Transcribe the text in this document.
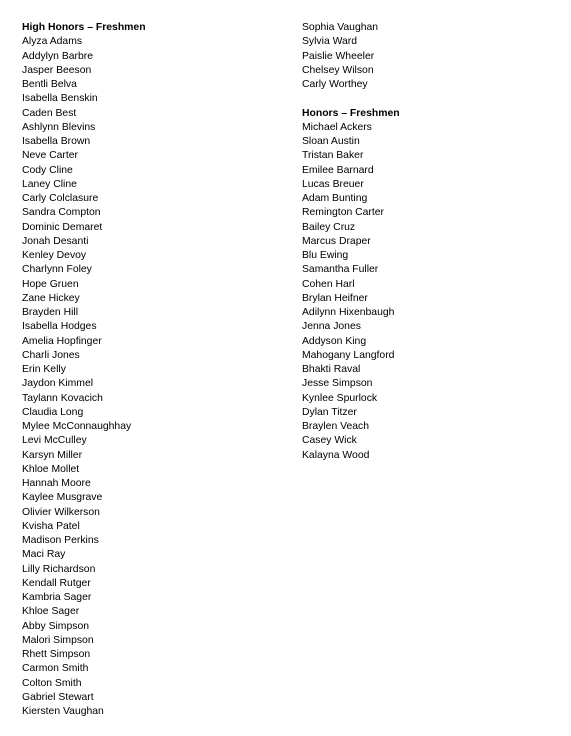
High Honors – Freshmen
Alyza Adams
Addylyn Barbre
Jasper Beeson
Bentli Belva
Isabella Benskin
Caden Best
Ashlynn Blevins
Isabella Brown
Neve Carter
Cody Cline
Laney Cline
Carly Colclasure
Sandra Compton
Dominic Demaret
Jonah Desanti
Kenley Devoy
Charlynn Foley
Hope Gruen
Zane Hickey
Brayden Hill
Isabella Hodges
Amelia Hopfinger
Charli Jones
Erin Kelly
Jaydon Kimmel
Taylann Kovacich
Claudia Long
Mylee McConnaughhay
Levi McCulley
Karsyn Miller
Khloe Mollet
Hannah Moore
Kaylee Musgrave
Olivier Wilkerson
Kvisha Patel
Madison Perkins
Maci Ray
Lilly Richardson
Kendall Rutger
Kambria Sager
Khloe Sager
Abby Simpson
Malori Simpson
Rhett Simpson
Carmon Smith
Colton Smith
Gabriel Stewart
Kiersten Vaughan
Sophia Vaughan
Sylvia Ward
Paislie Wheeler
Chelsey Wilson
Carly Worthey
Honors – Freshmen
Michael Ackers
Sloan Austin
Tristan Baker
Emilee Barnard
Lucas Breuer
Adam Bunting
Remington Carter
Bailey Cruz
Marcus Draper
Blu Ewing
Samantha Fuller
Cohen Harl
Brylan Heifner
Adilynn Hixenbaugh
Jenna Jones
Addyson King
Mahogany Langford
Bhakti Raval
Jesse Simpson
Kynlee Spurlock
Dylan Titzer
Braylen Veach
Casey Wick
Kalayna Wood
